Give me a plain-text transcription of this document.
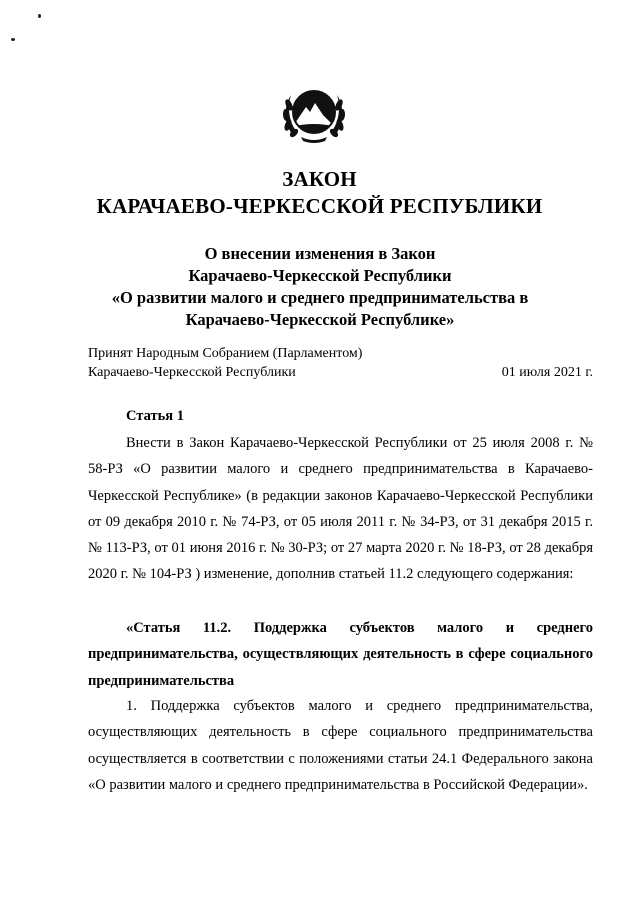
ЗАКОН
КАРАЧАЕВО-ЧЕРКЕССКОЙ РЕСПУБЛИКИ
О внесении изменения в Закон
Карачаево-Черкесской Республики
«О развитии малого и среднего предпринимательства в
Карачаево-Черкесской Республике»
Принят Народным Собранием (Парламентом)
Карачаево-Черкесской Республики	01 июля 2021 г.
Статья 1

Внести в Закон Карачаево-Черкесской Республики от 25 июля 2008 г. № 58-РЗ «О развитии малого и среднего предпринимательства в Карачаево-Черкесской Республике» (в редакции законов Карачаево-Черкесской Республики от 09 декабря 2010 г. № 74-РЗ, от 05 июля 2011 г. № 34-РЗ, от 31 декабря 2015 г. № 113-РЗ, от 01 июня 2016 г. № 30-РЗ; от 27 марта 2020 г. № 18-РЗ, от 28 декабря 2020 г. № 104-РЗ ) изменение, дополнив статьей 11.2 следующего содержания:

«Статья 11.2. Поддержка субъектов малого и среднего предпринимательства, осуществляющих деятельность в сфере социального предпринимательства

1. Поддержка субъектов малого и среднего предпринимательства, осуществляющих деятельность в сфере социального предпринимательства осуществляется в соответствии с положениями статьи 24.1 Федерального закона «О развитии малого и среднего предпринимательства в Российской Федерации».
